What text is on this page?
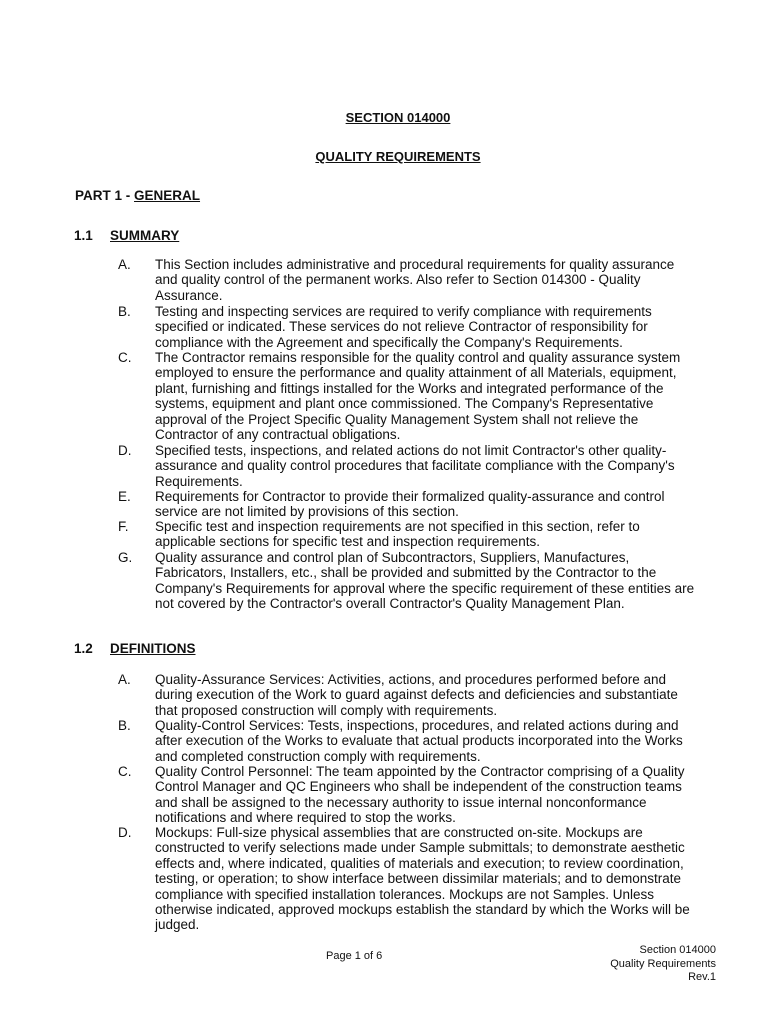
SECTION 014000
QUALITY REQUIREMENTS
PART 1 - GENERAL
1.1 SUMMARY
A. This Section includes administrative and procedural requirements for quality assurance and quality control of the permanent works. Also refer to Section 014300 - Quality Assurance.
B. Testing and inspecting services are required to verify compliance with requirements specified or indicated. These services do not relieve Contractor of responsibility for compliance with the Agreement and specifically the Company's Requirements.
C. The Contractor remains responsible for the quality control and quality assurance system employed to ensure the performance and quality attainment of all Materials, equipment, plant, furnishing and fittings installed for the Works and integrated performance of the systems, equipment and plant once commissioned. The Company's Representative approval of the Project Specific Quality Management System shall not relieve the Contractor of any contractual obligations.
D. Specified tests, inspections, and related actions do not limit Contractor's other quality-assurance and quality control procedures that facilitate compliance with the Company's Requirements.
E. Requirements for Contractor to provide their formalized quality-assurance and control service are not limited by provisions of this section.
F. Specific test and inspection requirements are not specified in this section, refer to applicable sections for specific test and inspection requirements.
G. Quality assurance and control plan of Subcontractors, Suppliers, Manufactures, Fabricators, Installers, etc., shall be provided and submitted by the Contractor to the Company's Requirements for approval where the specific requirement of these entities are not covered by the Contractor's overall Contractor's Quality Management Plan.
1.2 DEFINITIONS
A. Quality-Assurance Services: Activities, actions, and procedures performed before and during execution of the Work to guard against defects and deficiencies and substantiate that proposed construction will comply with requirements.
B. Quality-Control Services: Tests, inspections, procedures, and related actions during and after execution of the Works to evaluate that actual products incorporated into the Works and completed construction comply with requirements.
C. Quality Control Personnel: The team appointed by the Contractor comprising of a Quality Control Manager and QC Engineers who shall be independent of the construction teams and shall be assigned to the necessary authority to issue internal nonconformance notifications and where required to stop the works.
D. Mockups: Full-size physical assemblies that are constructed on-site. Mockups are constructed to verify selections made under Sample submittals; to demonstrate aesthetic effects and, where indicated, qualities of materials and execution; to review coordination, testing, or operation; to show interface between dissimilar materials; and to demonstrate compliance with specified installation tolerances. Mockups are not Samples. Unless otherwise indicated, approved mockups establish the standard by which the Works will be judged.
Page 1 of 6	Section 014000
Quality Requirements
Rev.1
